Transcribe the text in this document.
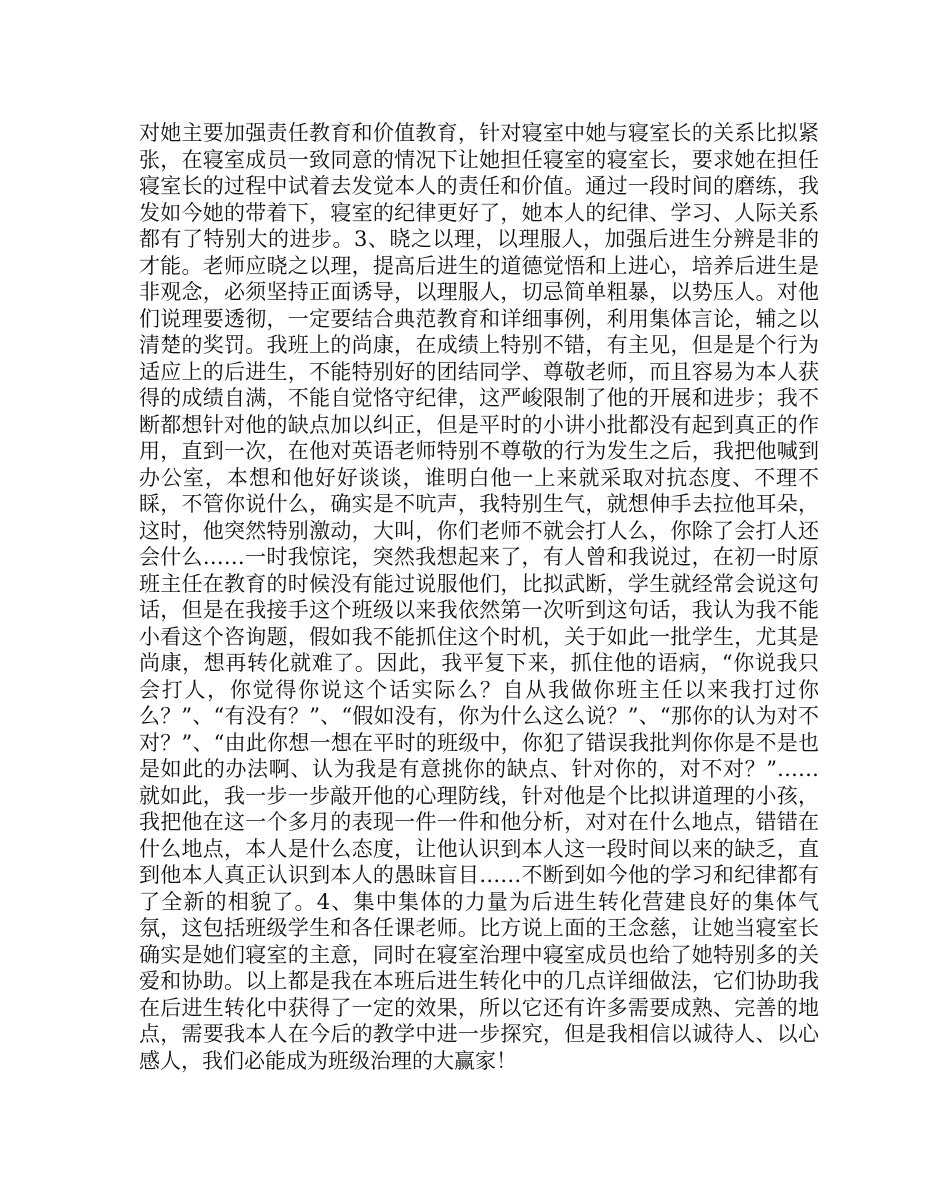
对她主要加强责任教育和价值教育，针对寝室中她与寝室长的关系比拟紧张，在寝室成员一致同意的情况下让她担任寝室的寝室长，要求她在担任寝室长的过程中试着去发觉本人的责任和价值。通过一段时间的磨练，我发如今她的带着下，寝室的纪律更好了，她本人的纪律、学习、人际关系都有了特别大的进步。3、晓之以理，以理服人，加强后进生分辨是非的才能。老师应晓之以理，提高后进生的道德觉悟和上进心，培养后进生是非观念，必须坚持正面诱导，以理服人，切忌简单粗暴，以势压人。对他们说理要透彻，一定要结合典范教育和详细事例，利用集体言论，辅之以清楚的奖罚。我班上的尚康，在成绩上特别不错，有主见，但是是个行为适应上的后进生，不能特别好的团结同学、尊敬老师，而且容易为本人获得的成绩自满，不能自觉恪守纪律，这严峻限制了他的开展和进步；我不断都想针对他的缺点加以纠正，但是平时的小讲小批都没有起到真正的作用，直到一次，在他对英语老师特别不尊敬的行为发生之后，我把他喊到办公室，本想和他好好谈谈，谁明白他一上来就采取对抗态度、不理不睬，不管你说什么，确实是不吭声，我特别生气，就想伸手去拉他耳朵，这时，他突然特别激动，大叫，你们老师不就会打人么，你除了会打人还会什么……一时我惊诧，突然我想起来了，有人曾和我说过，在初一时原班主任在教育的时候没有能过说服他们，比拟武断，学生就经常会说这句话，但是在我接手这个班级以来我依然第一次听到这句话，我认为我不能小看这个咨询题，假如我不能抓住这个时机，关于如此一批学生，尤其是尚康，想再转化就难了。因此，我平复下来，抓住他的语病，“你说我只会打人，你觉得你说这个话实际么？自从我做你班主任以来我打过你么？”、“有没有？”、“假如没有，你为什么这么说？”、“那你的认为对不对？”、“由此你想一想在平时的班级中，你犯了错误我批判你你是不是也是如此的办法啊、认为我是有意挑你的缺点、针对你的，对不对？”……就如此，我一步一步敲开他的心理防线，针对他是个比拟讲道理的小孩，我把他在这一个多月的表现一件一件和他分析，对对在什么地点，错错在什么地点，本人是什么态度，让他认识到本人这一段时间以来的缺乏，直到他本人真正认识到本人的愚昧盲目……不断到如今他的学习和纪律都有了全新的相貌了。4、集中集体的力量为后进生转化营建良好的集体气氛，这包括班级学生和各任课老师。比方说上面的王念慈，让她当寝室长确实是她们寝室的主意，同时在寝室治理中寝室成员也给了她特别多的关爱和协助。以上都是我在本班后进生转化中的几点详细做法，它们协助我在后进生转化中获得了一定的效果，所以它还有许多需要成熟、完善的地点，需要我本人在今后的教学中进一步探究，但是我相信以诚待人、以心感人，我们必能成为班级治理的大赢家！
